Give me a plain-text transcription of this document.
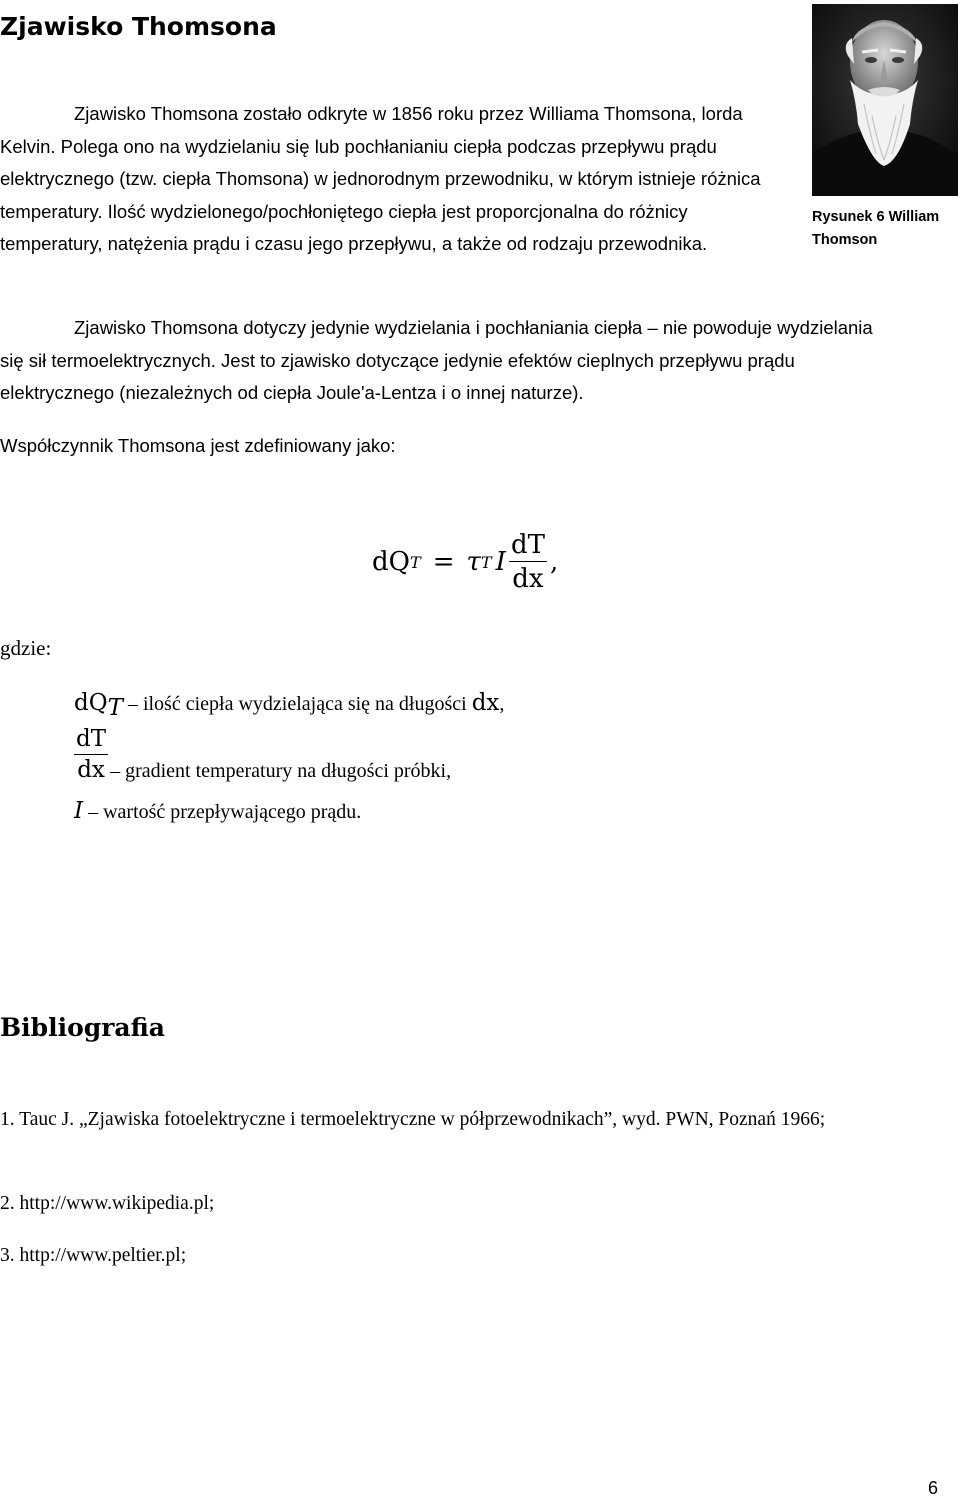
Zjawisko Thomsona

Zjawisko Thomsona zostało odkryte w 1856 roku przez Williama Thomsona, lorda Kelvin. Polega ono na wydzielaniu się lub pochłanianiu ciepła podczas przepływu prądu elektrycznego (tzw. ciepła Thomsona) w jednorodnym przewodniku, w którym istnieje różnica temperatury. Ilość wydzielonego/pochłoniętego ciepła jest proporcjonalna do różnicy temperatury, natężenia prądu i czasu jego przepływu, a także od rodzaju przewodnika.

Rysunek 6 William Thomson

Zjawisko Thomsona dotyczy jedynie wydzielania i pochłaniania ciepła – nie powoduje wydzielania się sił termoelektrycznych. Jest to zjawisko dotyczące jedynie efektów cieplnych przepływu prądu elektrycznego (niezależnych od ciepła Joule'a-Lentza i o innej naturze).

Współczynnik Thomsona jest zdefiniowany jako:

dQ T = τ T I $\frac{dT}{dx}$ ,
gdzie:
$dQ_T$ – ilość ciepła wydzielająca się na długości dx,
$\frac{dT}{dx}$ – gradient temperatury na długości próbki,
I – wartość przepływającego prądu.
Bibliografia

1. Tauc J. „Zjawiska fotoelektryczne i termoelektryczne w półprzewodnikach”, wyd. PWN, Poznań 1966;

2. http://www.wikipedia.pl;

3. http://www.peltier.pl;

6
